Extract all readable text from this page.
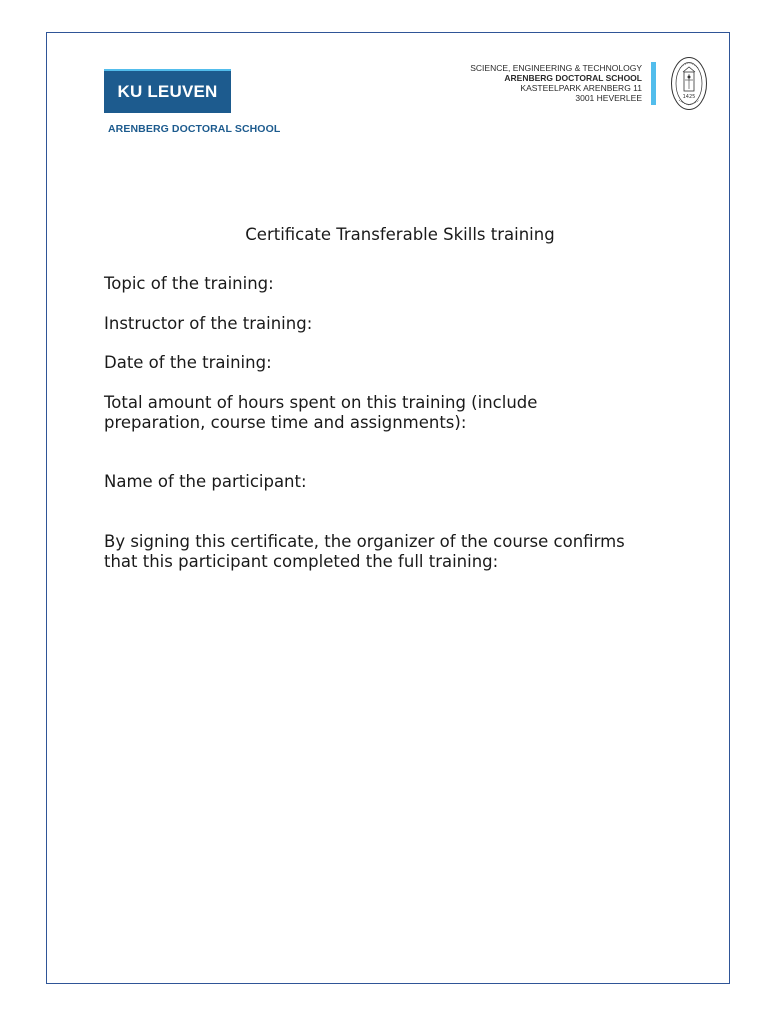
KU LEUVEN
ARENBERG DOCTORAL SCHOOL
SCIENCE, ENGINEERING & TECHNOLOGY
ARENBERG DOCTORAL SCHOOL
KASTEELPARK ARENBERG 11
3001 HEVERLEE	1425
Certificate Transferable Skills training
Topic of the training:
Instructor of the training:
Date of the training:
Total amount of hours spent on this training (include
preparation, course time and assignments):
Name of the participant:
By signing this certificate, the organizer of the course confirms
that this participant completed the full training:
